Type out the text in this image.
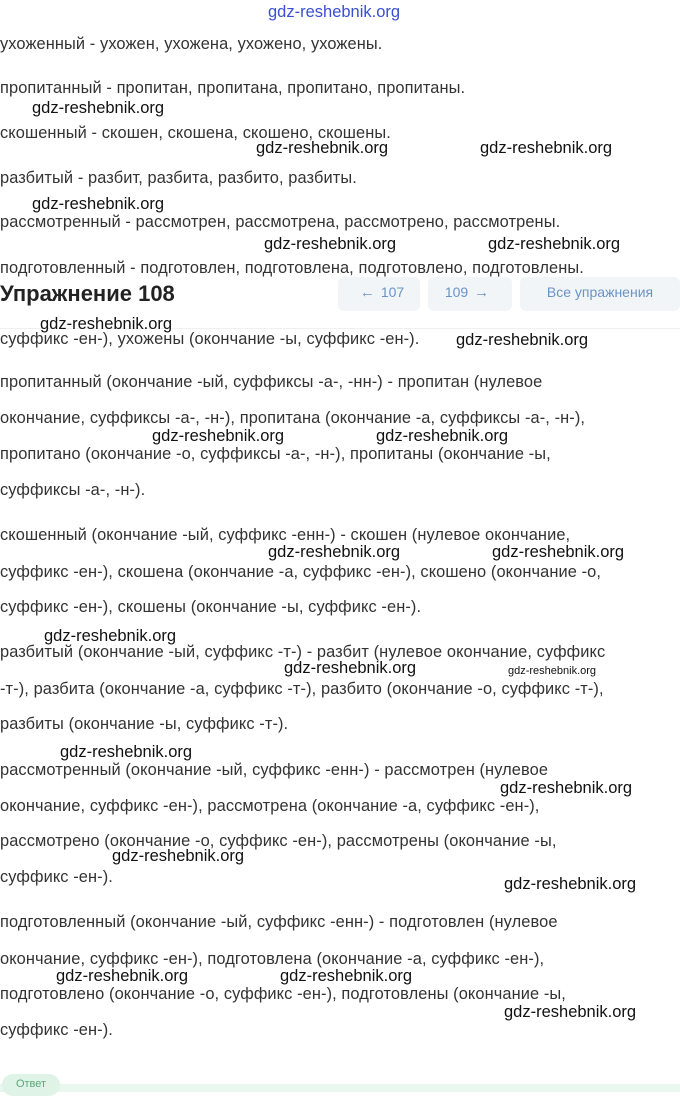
gdz-reshebnik.org
ухоженный - ухожен, ухожена, ухожено, ухожены.
пропитанный - пропитан, пропитана, пропитано, пропитаны.
скошенный - скошен, скошена, скошено, скошены.
разбитый - разбит, разбита, разбито, разбиты.
рассмотренный - рассмотрен, рассмотрена, рассмотрено, рассмотрены.
подготовленный - подготовлен, подготовлена, подготовлено, подготовлены.
Упражнение 108	← 107	109 →	Все упражнения
суффикс -ен-), ухожены (окончание -ы, суффикс -ен-).
пропитанный (окончание -ый, суффиксы -а-, -нн-) - пропитан (нулевое
окончание, суффиксы -а-, -н-), пропитана (окончание -а, суффиксы -а-, -н-),
пропитано (окончание -о, суффиксы -а-, -н-), пропитаны (окончание -ы,
суффиксы -а-, -н-).
скошенный (окончание -ый, суффикс -енн-) - скошен (нулевое окончание,
суффикс -ен-), скошена (окончание -а, суффикс -ен-), скошено (окончание -о,
суффикс -ен-), скошены (окончание -ы, суффикс -ен-).
разбитый (окончание -ый, суффикс -т-) - разбит (нулевое окончание, суффикс
-т-), разбита (окончание -а, суффикс -т-), разбито (окончание -о, суффикс -т-),
разбиты (окончание -ы, суффикс -т-).
рассмотренный (окончание -ый, суффикс -енн-) - рассмотрен (нулевое
окончание, суффикс -ен-), рассмотрена (окончание -а, суффикс -ен-),
рассмотрено (окончание -о, суффикс -ен-), рассмотрены (окончание -ы,
суффикс -ен-).
подготовленный (окончание -ый, суффикс -енн-) - подготовлен (нулевое
окончание, суффикс -ен-), подготовлена (окончание -а, суффикс -ен-),
подготовлено (окончание -о, суффикс -ен-), подготовлены (окончание -ы,
суффикс -ен-).
gdz-reshebnik.org
gdz-reshebnik.org	gdz-reshebnik.org
gdz-reshebnik.org
gdz-reshebnik.org	gdz-reshebnik.org
gdz-reshebnik.org
gdz-reshebnik.org
gdz-reshebnik.org	gdz-reshebnik.org
gdz-reshebnik.org	gdz-reshebnik.org
gdz-reshebnik.org
gdz-reshebnik.org	gdz-reshebnik.org
gdz-reshebnik.org
gdz-reshebnik.org
gdz-reshebnik.org
gdz-reshebnik.org
gdz-reshebnik.org	gdz-reshebnik.org
gdz-reshebnik.org
Ответ
